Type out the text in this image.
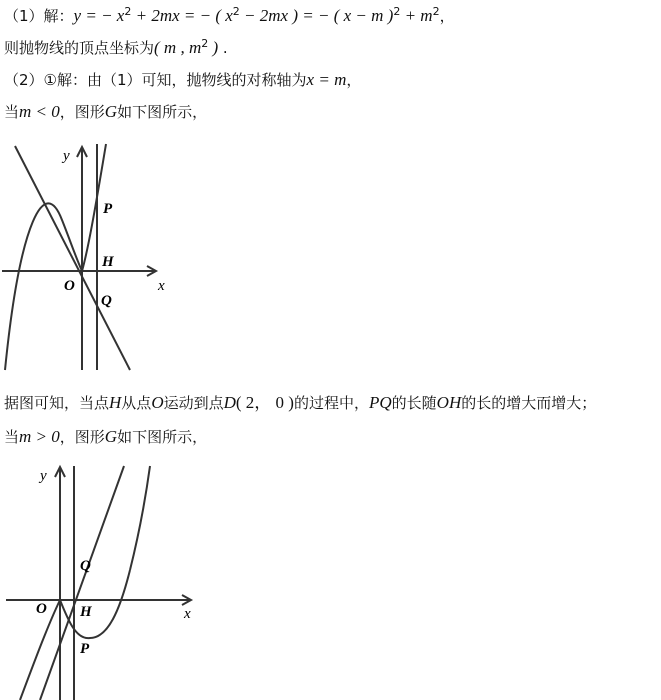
（1）解：y = − $x^2 + 2mx$ = − ( $x^2 - 2mx$ ) = − ( x − m )$^2 + m^2$，
则抛物线的顶点坐标为( m , $m^2$ ) .
（2）①解：由（1）可知，抛物线的对称轴为x = m，
当m < 0，图形G如下图所示，
y
x
O
P
H
Q
据图可知，当点H从点O运动到点D( 2， 0 )的过程中，PQ的长随OH的长的增大而增大；
当m > 0，图形G如下图所示，
y
x
O
Q
H
P
